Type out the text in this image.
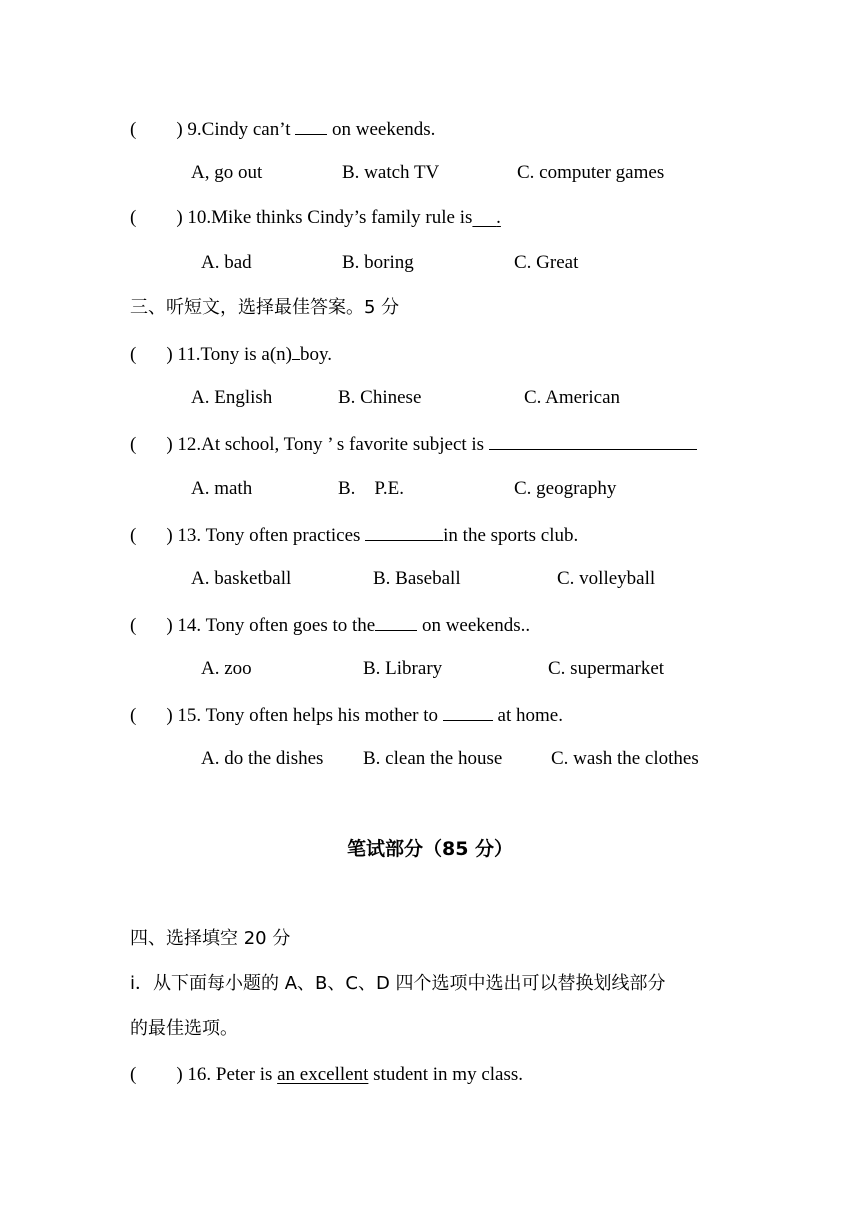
( ) 9.Cindy can’t  on weekends.
A, go out	B. watch TV	C. computer games
( ) 10.Mike thinks Cindy’s family rule is .
A. bad	B. boring	C. Great
三、听短文，选择最佳答案。5 分
( ) 11.Tony is a(n) boy.
A. English	B. Chinese	C. American
( ) 12.At school, Tony ’ s favorite subject is
A. math	B.    P.E.	C. geography
( ) 13. Tony often practices	in the sports club.
A. basketball	B. Baseball	C. volleyball
( ) 14. Tony often goes to the on weekends..
A. zoo	B. Library	C. supermarket
( ) 15. Tony often helps his mother to	at home.
A. do the dishes B. clean the house	C. wash the clothes
笔试部分（85 分）
四、选择填空 20 分
i．从下面每小题的 A、B、C、D 四个选项中选出可以替换划线部分
的最佳选项。
( ) 16. Peter is an excellent student in my class.
